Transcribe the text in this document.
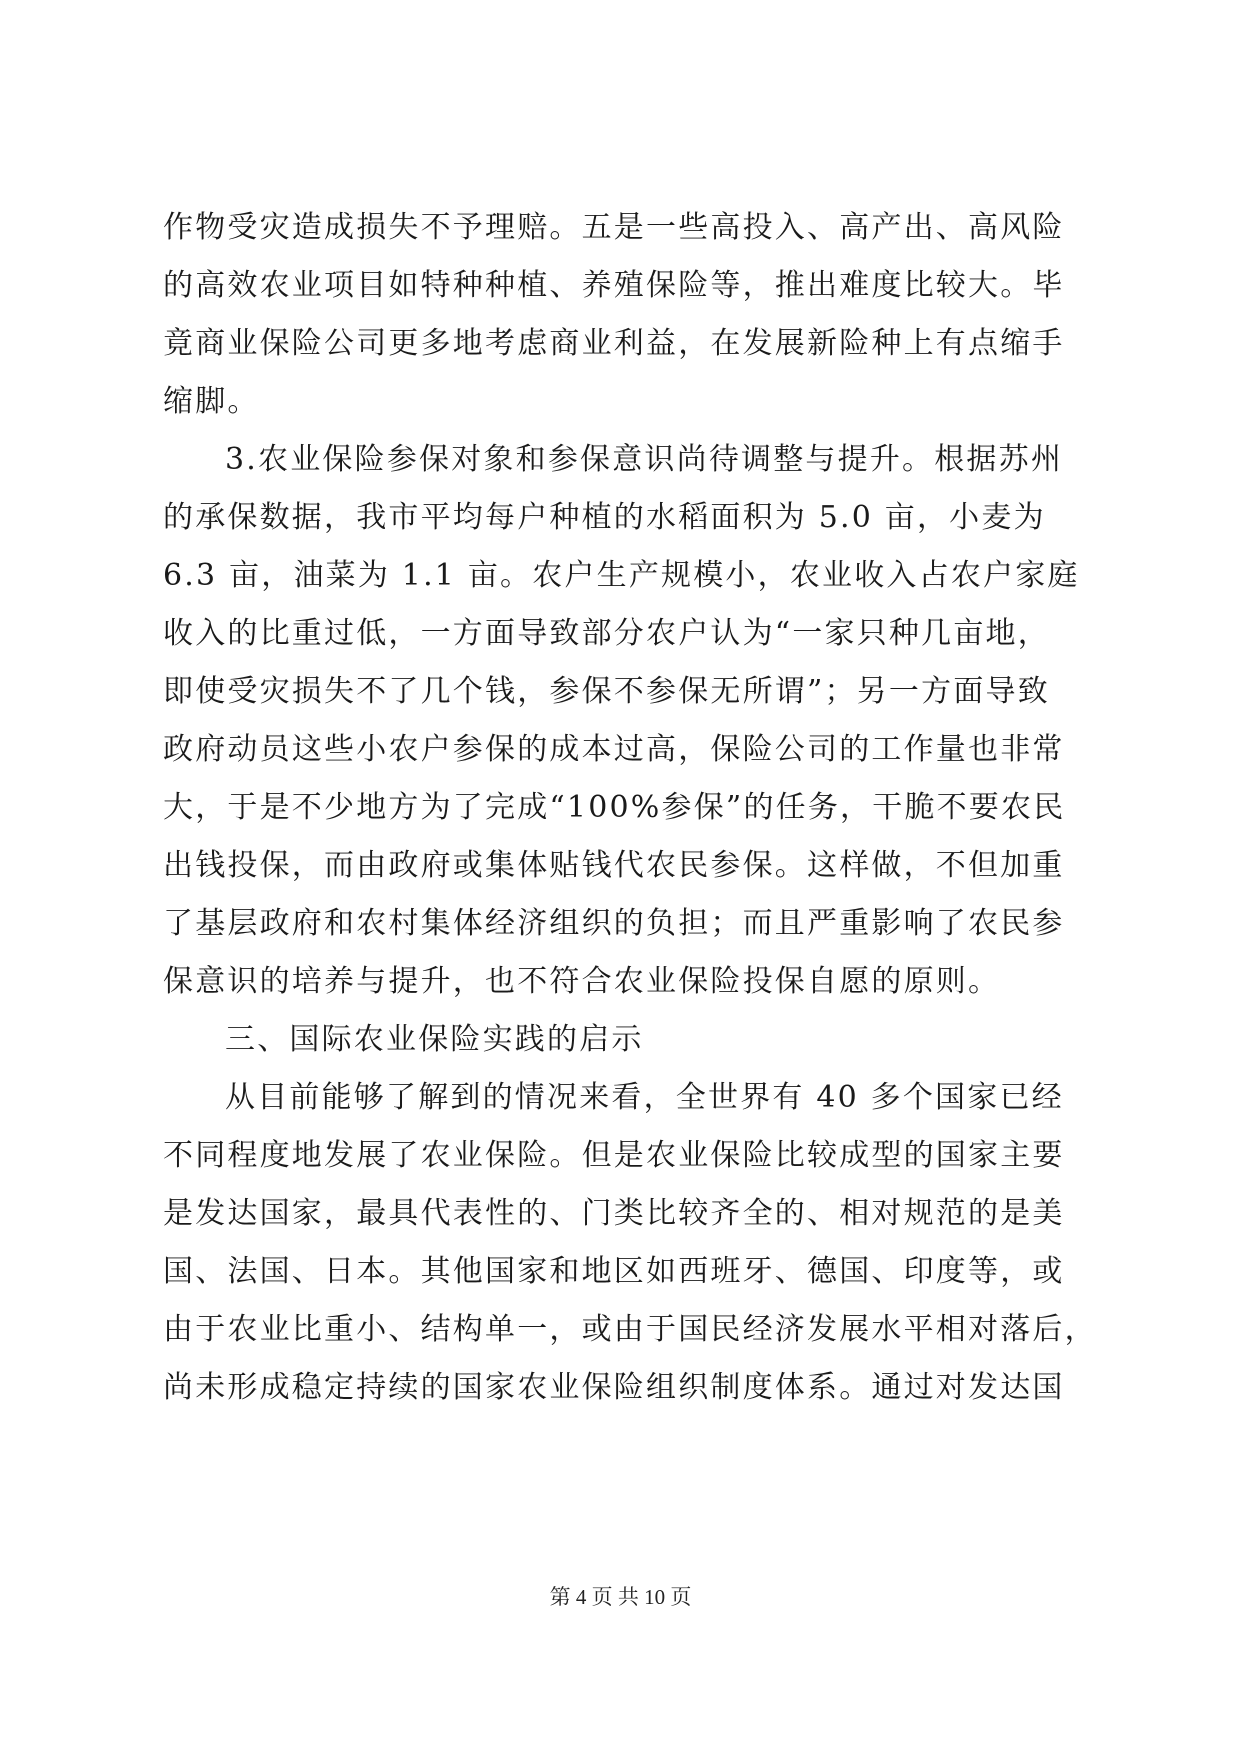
作物受灾造成损失不予理赔。五是一些高投入、高产出、高风险
的高效农业项目如特种种植、养殖保险等，推出难度比较大。毕
竟商业保险公司更多地考虑商业利益，在发展新险种上有点缩手
缩脚。
3.农业保险参保对象和参保意识尚待调整与提升。根据苏州
的承保数据，我市平均每户种植的水稻面积为 5.0 亩，小麦为
6.3 亩，油菜为 1.1 亩。农户生产规模小，农业收入占农户家庭
收入的比重过低，一方面导致部分农户认为“一家只种几亩地，
即使受灾损失不了几个钱，参保不参保无所谓”；另一方面导致
政府动员这些小农户参保的成本过高，保险公司的工作量也非常
大，于是不少地方为了完成“100%参保”的任务，干脆不要农民
出钱投保，而由政府或集体贴钱代农民参保。这样做，不但加重
了基层政府和农村集体经济组织的负担；而且严重影响了农民参
保意识的培养与提升，也不符合农业保险投保自愿的原则。
三、国际农业保险实践的启示
从目前能够了解到的情况来看，全世界有 40 多个国家已经
不同程度地发展了农业保险。但是农业保险比较成型的国家主要
是发达国家，最具代表性的、门类比较齐全的、相对规范的是美
国、法国、日本。其他国家和地区如西班牙、德国、印度等，或
由于农业比重小、结构单一，或由于国民经济发展水平相对落后，
尚未形成稳定持续的国家农业保险组织制度体系。通过对发达国
第 4 页 共 10 页
